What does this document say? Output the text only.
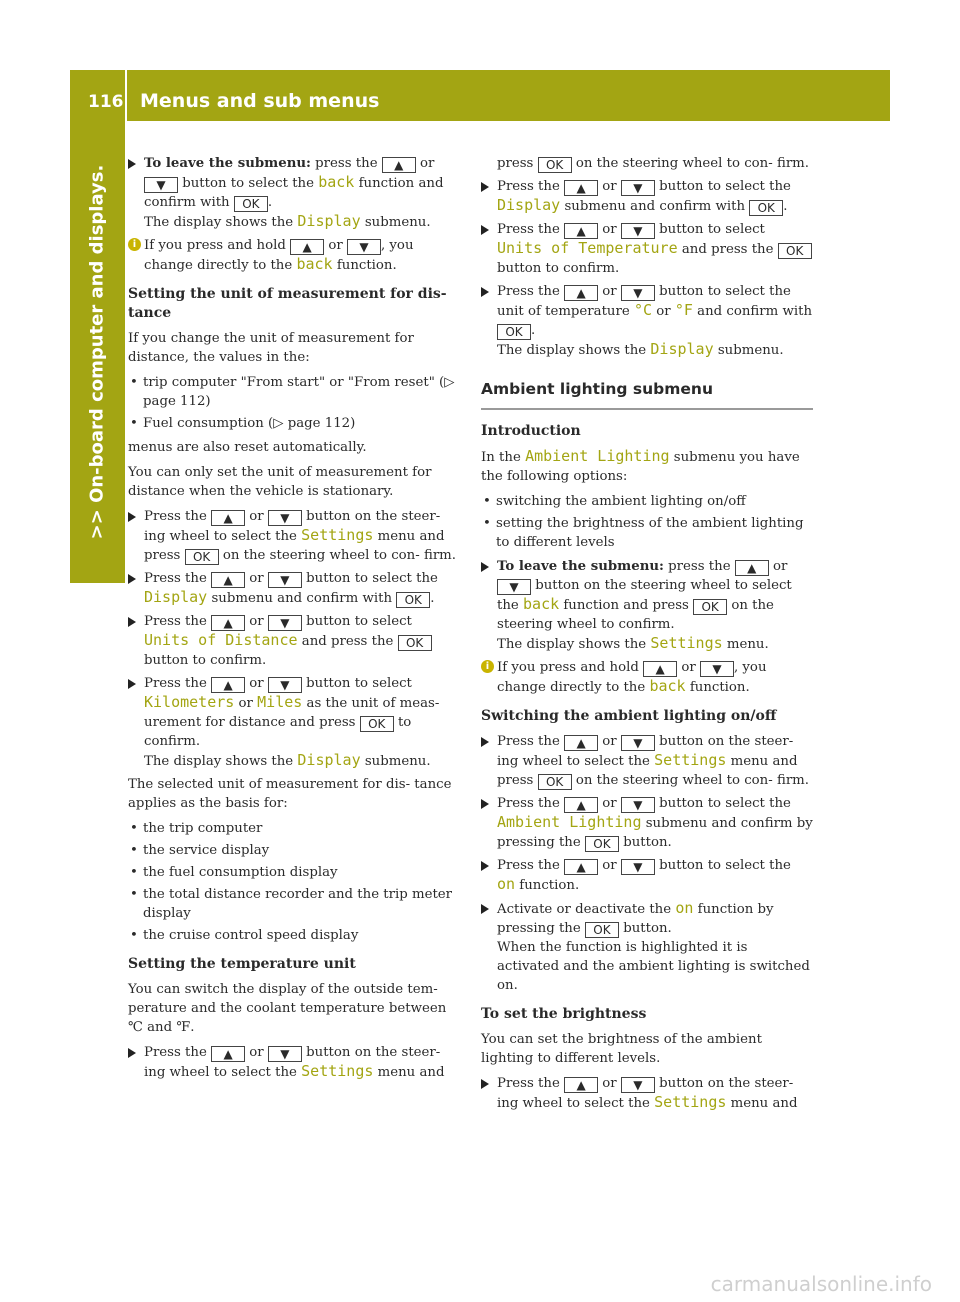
116 Menus and sub menus
>> On-board computer and displays.
To leave the submenu: press the ▲ or ▼ button to select the back function and confirm with OK .
The display shows the Display submenu.
i If you press and hold ▲ or ▼ , you change directly to the back function.

Setting the unit of measurement for dis- tance

If you change the unit of measurement for distance, the values in the:

• trip computer "From start" or "From reset" (▷ page 112)
• Fuel consumption (▷ page 112)

menus are also reset automatically.

You can only set the unit of measurement for distance when the vehicle is stationary.

Press the ▲ or ▼ button on the steer- ing wheel to select the Settings menu and press OK on the steering wheel to con- firm.
Press the ▲ or ▼ button to select the Display submenu and confirm with OK .
Press the ▲ or ▼ button to select Units of Distance and press the OK button to confirm.
Press the ▲ or ▼ button to select Kilometers or Miles as the unit of meas- urement for distance and press OK to confirm.
The display shows the Display submenu.

The selected unit of measurement for dis- tance applies as the basis for:

• the trip computer
• the service display
• the fuel consumption display
• the total distance recorder and the trip meter display
• the cruise control speed display

Setting the temperature unit

You can switch the display of the outside tem- perature and the coolant temperature between ℃ and ℉.

Press the ▲ or ▼ button on the steer- ing wheel to select the Settings menu and
press OK on the steering wheel to con- firm.
Press the ▲ or ▼ button to select the Display submenu and confirm with OK .
Press the ▲ or ▼ button to select Units of Temperature and press the OK button to confirm.
Press the ▲ or ▼ button to select the unit of temperature °C or °F and confirm with OK .
The display shows the Display submenu.

Ambient lighting submenu

Introduction

In the Ambient Lighting submenu you have the following options:

• switching the ambient lighting on/off
• setting the brightness of the ambient lighting to different levels
To leave the submenu: press the ▲ or ▼ button on the steering wheel to select the back function and press OK on the steering wheel to confirm.
The display shows the Settings menu.
i If you press and hold ▲ or ▼ , you change directly to the back function.

Switching the ambient lighting on/off

Press the ▲ or ▼ button on the steer- ing wheel to select the Settings menu and press OK on the steering wheel to con- firm.
Press the ▲ or ▼ button to select the Ambient Lighting submenu and confirm by pressing the OK button.
Press the ▲ or ▼ button to select the on function.
Activate or deactivate the on function by pressing the OK button.
When the function is highlighted it is activated and the ambient lighting is switched on.

To set the brightness

You can set the brightness of the ambient lighting to different levels.

Press the ▲ or ▼ button on the steer- ing wheel to select the Settings menu and
carmanualsonline.info
